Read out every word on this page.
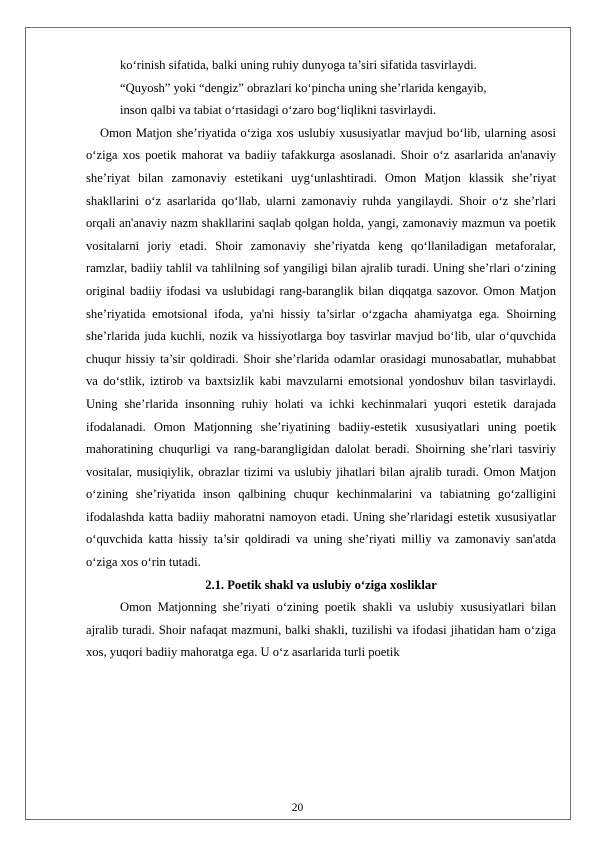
ko‘rinish sifatida, balki uning ruhiy dunyoga ta’siri sifatida tasvirlaydi.
“Quyosh” yoki “dengiz” obrazlari ko‘pincha uning she’rlarida kengayib,
inson qalbi va tabiat o‘rtasidagi o‘zaro bog‘liqlikni tasvirlaydi.

Omon Matjon she’riyatida o‘ziga xos uslubiy xususiyatlar mavjud bo‘lib, ularning asosi o‘ziga xos poetik mahorat va badiiy tafakkurga asoslanadi. Shoir o‘z asarlarida an'anaviy she’riyat bilan zamonaviy estetikani uyg‘unlashtiradi. Omon Matjon klassik she’riyat shakllarini o‘z asarlarida qo‘llab, ularni zamonaviy ruhda yangilaydi. Shoir o‘z she’rlari orqali an'anaviy nazm shakllarini saqlab qolgan holda, yangi, zamonaviy mazmun va poetik vositalarni joriy etadi. Shoir zamonaviy she’riyatda keng qo‘llaniladigan metaforalar, ramzlar, badiiy tahlil va tahlilning sof yangiligi bilan ajralib turadi. Uning she’rlari o‘zining original badiiy ifodasi va uslubidagi rang-baranglik bilan diqqatga sazovor. Omon Matjon she’riyatida emotsional ifoda, ya'ni hissiy ta’sirlar o‘zgacha ahamiyatga ega. Shoirning she’rlarida juda kuchli, nozik va hissiyotlarga boy tasvirlar mavjud bo‘lib, ular o‘quvchida chuqur hissiy ta’sir qoldiradi. Shoir she’rlarida odamlar orasidagi munosabatlar, muhabbat va do‘stlik, iztirob va baxtsizlik kabi mavzularni emotsional yondoshuv bilan tasvirlaydi. Uning she’rlarida insonning ruhiy holati va ichki kechinmalari yuqori estetik darajada ifodalanadi. Omon Matjonning she’riyatining badiiy-estetik xususiyatlari uning poetik mahoratining chuqurligi va rang-barangligidan dalolat beradi. Shoirning she’rlari tasviriy vositalar, musiqiylik, obrazlar tizimi va uslubiy jihatlari bilan ajralib turadi. Omon Matjon o‘zining she’riyatida inson qalbining chuqur kechinmalarini va tabiatning go‘zalligini ifodalashda katta badiiy mahoratni namoyon etadi. Uning she’rlaridagi estetik xususiyatlar o‘quvchida katta hissiy ta’sir qoldiradi va uning she’riyati milliy va zamonaviy san'atda o‘ziga xos o‘rin tutadi.

2.1. Poetik shakl va uslubiy o‘ziga xosliklar

Omon Matjonning she’riyati o‘zining poetik shakli va uslubiy xususiyatlari bilan ajralib turadi. Shoir nafaqat mazmuni, balki shakli, tuzilishi va ifodasi jihatidan ham o‘ziga xos, yuqori badiiy mahoratga ega. U o‘z asarlarida turli poetik

20
